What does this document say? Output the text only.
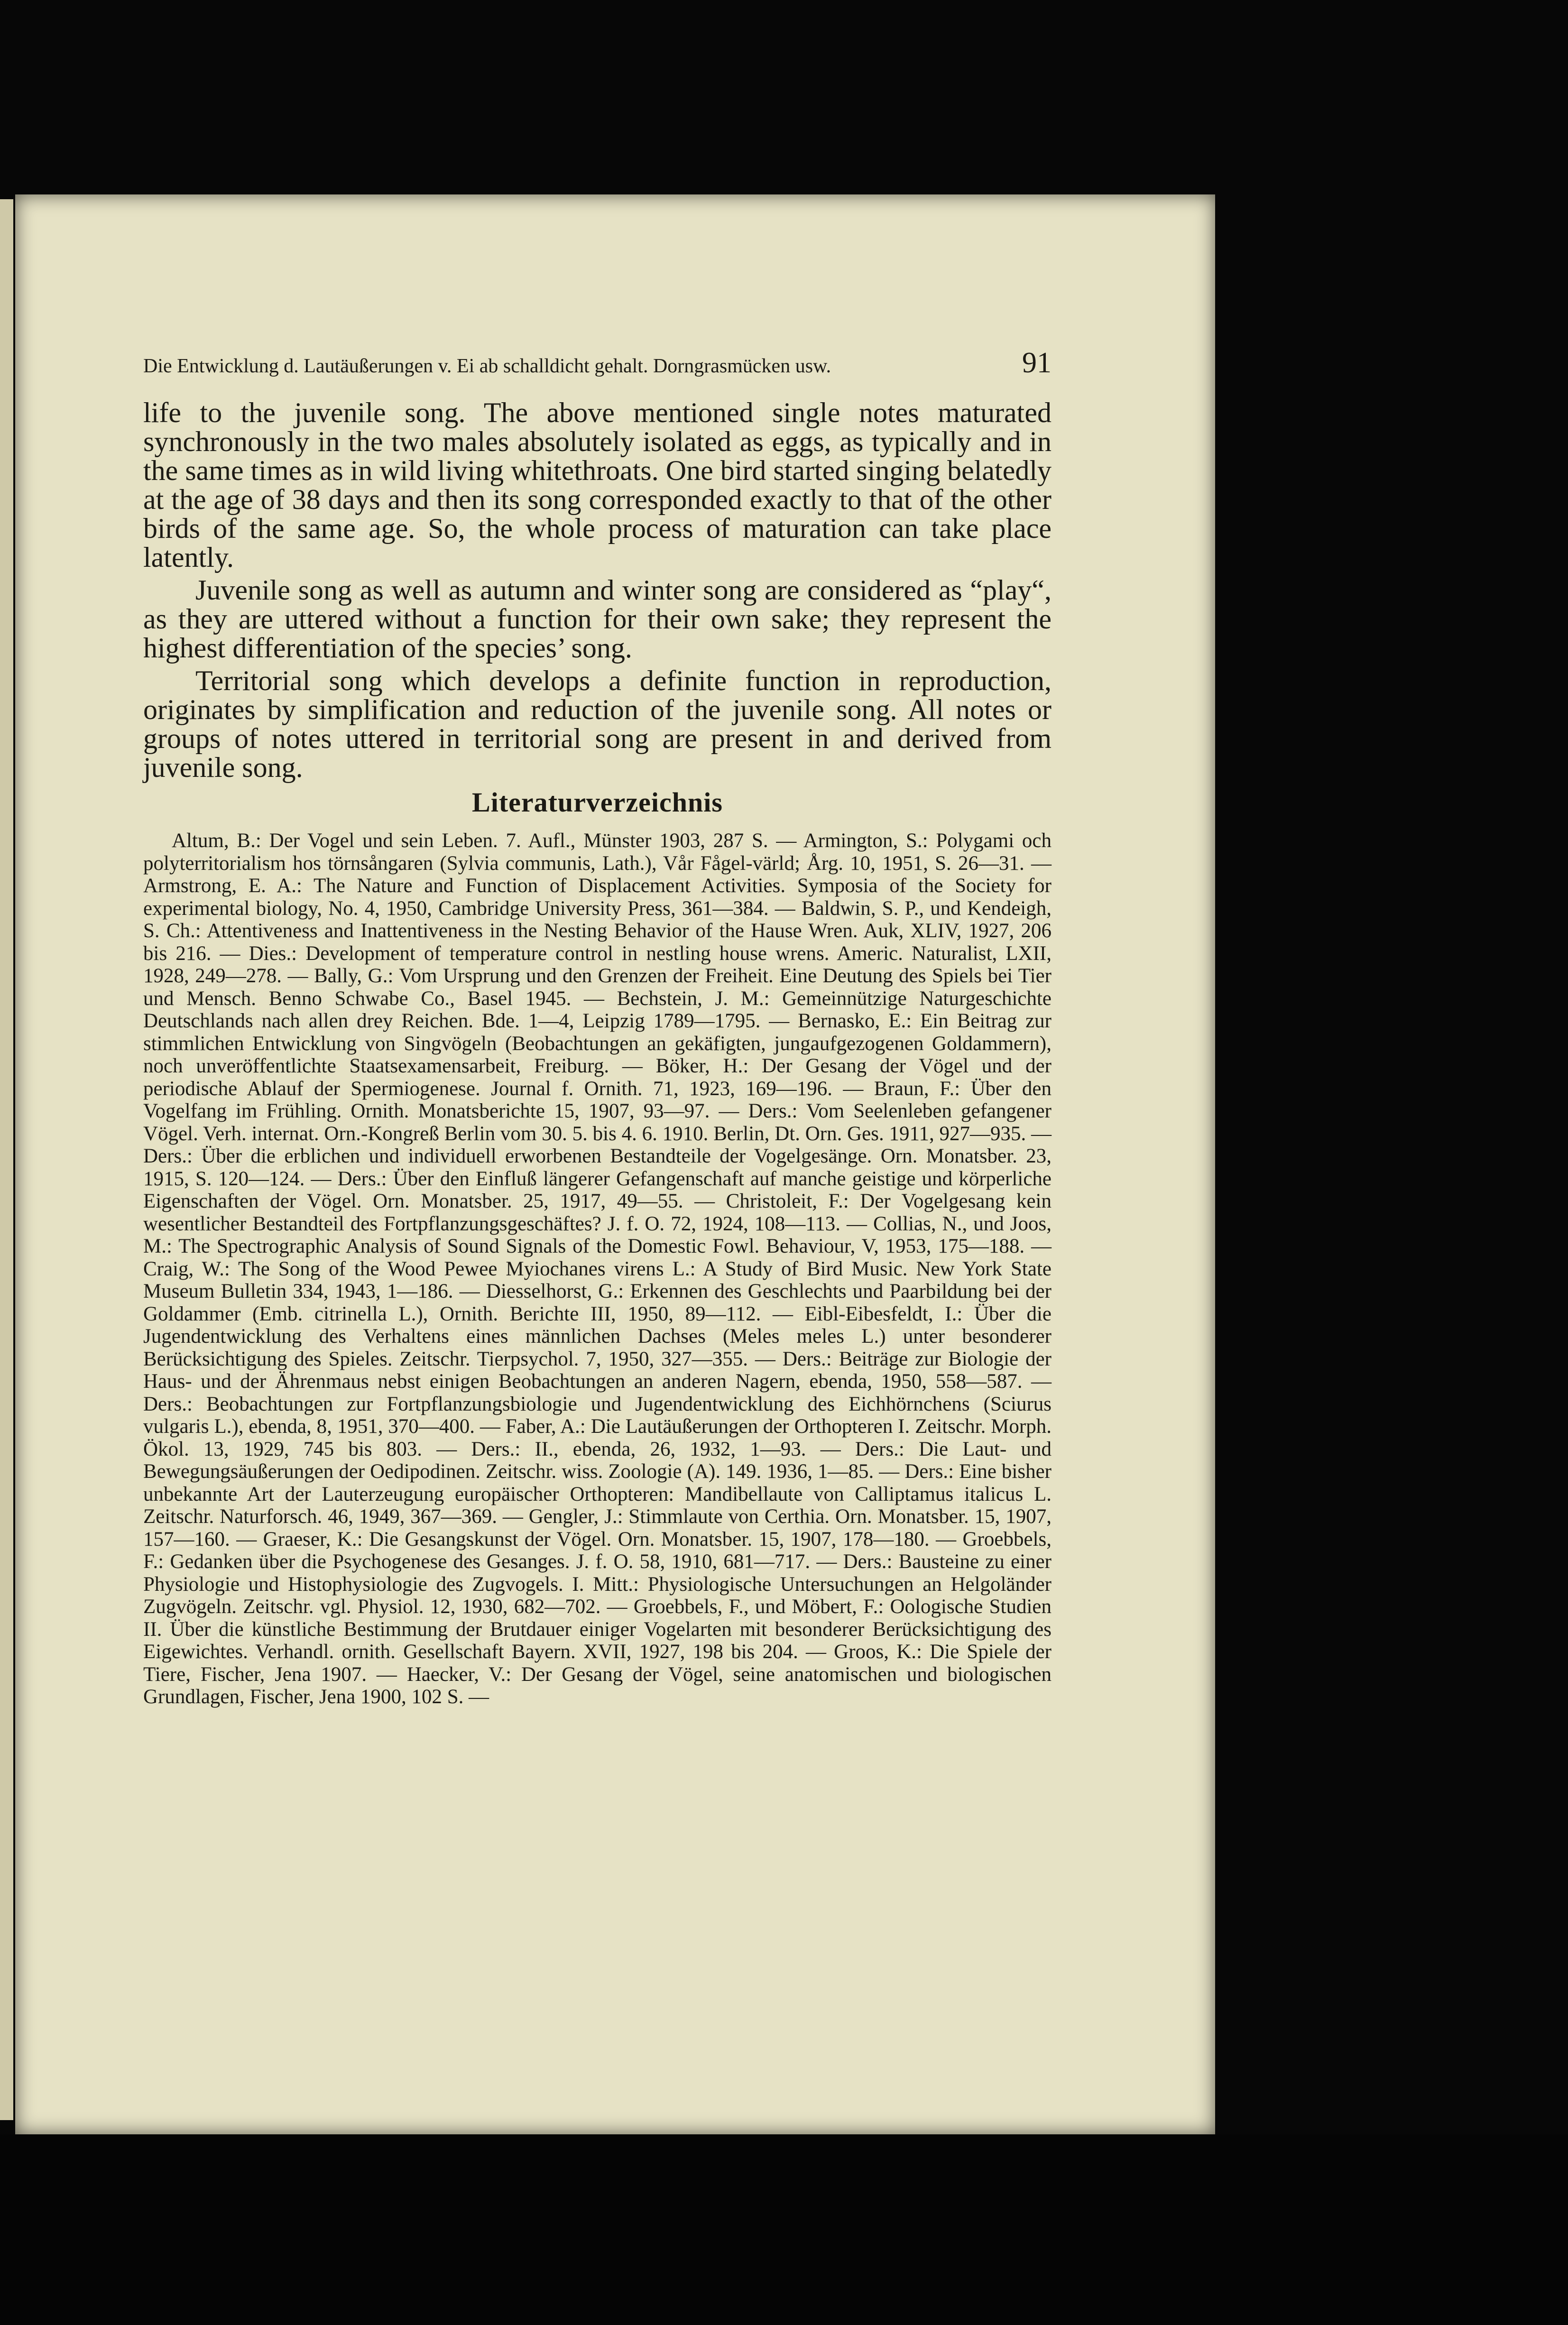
Die Entwicklung d. Lautäußerungen v. Ei ab schalldicht gehalt. Dorngrasmücken usw.	91

life to the juvenile song. The above mentioned single notes maturated synchronously in the two males absolutely isolated as eggs, as typically and in the same times as in wild living whitethroats. One bird started singing belatedly at the age of 38 days and then its song corresponded exactly to that of the other birds of the same age. So, the whole process of maturation can take place latently.

Juvenile song as well as autumn and winter song are considered as “play“, as they are uttered without a function for their own sake; they represent the highest differentiation of the species’ song.

Territorial song which develops a definite function in reproduction, originates by simplification and reduction of the juvenile song. All notes or groups of notes uttered in territorial song are present in and derived from juvenile song.

Literaturverzeichnis

Altum, B.: Der Vogel und sein Leben. 7. Aufl., Münster 1903, 287 S. — Armington, S.: Polygami och polyterritorialism hos törnsångaren (Sylvia communis, Lath.), Vår Fågel-värld; Årg. 10, 1951, S. 26—31. — Armstrong, E. A.: The Nature and Function of Displacement Activities. Symposia of the Society for experimental biology, No. 4, 1950, Cambridge University Press, 361—384. — Baldwin, S. P., und Kendeigh, S. Ch.: Attentiveness and Inattentiveness in the Nesting Behavior of the Hause Wren. Auk, XLIV, 1927, 206 bis 216. — Dies.: Development of temperature control in nestling house wrens. Americ. Naturalist, LXII, 1928, 249—278. — Bally, G.: Vom Ursprung und den Grenzen der Freiheit. Eine Deutung des Spiels bei Tier und Mensch. Benno Schwabe Co., Basel 1945. — Bechstein, J. M.: Gemeinnützige Naturgeschichte Deutschlands nach allen drey Reichen. Bde. 1—4, Leipzig 1789—1795. — Bernasko, E.: Ein Beitrag zur stimmlichen Entwicklung von Singvögeln (Beobachtungen an gekäfigten, jungaufgezogenen Goldammern), noch unveröffentlichte Staatsexamensarbeit, Freiburg. — Böker, H.: Der Gesang der Vögel und der periodische Ablauf der Spermiogenese. Journal f. Ornith. 71, 1923, 169—196. — Braun, F.: Über den Vogelfang im Frühling. Ornith. Monatsberichte 15, 1907, 93—97. — Ders.: Vom Seelenleben gefangener Vögel. Verh. internat. Orn.-Kongreß Berlin vom 30. 5. bis 4. 6. 1910. Berlin, Dt. Orn. Ges. 1911, 927—935. — Ders.: Über die erblichen und individuell erworbenen Bestandteile der Vogelgesänge. Orn. Monatsber. 23, 1915, S. 120—124. — Ders.: Über den Einfluß längerer Gefangenschaft auf manche geistige und körperliche Eigenschaften der Vögel. Orn. Monatsber. 25, 1917, 49—55. — Christoleit, F.: Der Vogelgesang kein wesentlicher Bestandteil des Fortpflanzungsgeschäftes? J. f. O. 72, 1924, 108—113. — Collias, N., und Joos, M.: The Spectrographic Analysis of Sound Signals of the Domestic Fowl. Behaviour, V, 1953, 175—188. — Craig, W.: The Song of the Wood Pewee Myiochanes virens L.: A Study of Bird Music. New York State Museum Bulletin 334, 1943, 1—186. — Diesselhorst, G.: Erkennen des Geschlechts und Paarbildung bei der Goldammer (Emb. citrinella L.), Ornith. Berichte III, 1950, 89—112. — Eibl-Eibesfeldt, I.: Über die Jugendentwicklung des Verhaltens eines männlichen Dachses (Meles meles L.) unter besonderer Berücksichtigung des Spieles. Zeitschr. Tierpsychol. 7, 1950, 327—355. — Ders.: Beiträge zur Biologie der Haus- und der Ährenmaus nebst einigen Beobachtungen an anderen Nagern, ebenda, 1950, 558—587. — Ders.: Beobachtungen zur Fortpflanzungsbiologie und Jugendentwicklung des Eichhörnchens (Sciurus vulgaris L.), ebenda, 8, 1951, 370—400. — Faber, A.: Die Lautäußerungen der Orthopteren I. Zeitschr. Morph. Ökol. 13, 1929, 745 bis 803. — Ders.: II., ebenda, 26, 1932, 1—93. — Ders.: Die Laut- und Bewegungsäußerungen der Oedipodinen. Zeitschr. wiss. Zoologie (A). 149. 1936, 1—85. — Ders.: Eine bisher unbekannte Art der Lauterzeugung europäischer Orthopteren: Mandibellaute von Calliptamus italicus L. Zeitschr. Naturforsch. 46, 1949, 367—369. — Gengler, J.: Stimmlaute von Certhia. Orn. Monatsber. 15, 1907, 157—160. — Graeser, K.: Die Gesangskunst der Vögel. Orn. Monatsber. 15, 1907, 178—180. — Groebbels, F.: Gedanken über die Psychogenese des Gesanges. J. f. O. 58, 1910, 681—717. — Ders.: Bausteine zu einer Physiologie und Histophysiologie des Zugvogels. I. Mitt.: Physiologische Untersuchungen an Helgoländer Zugvögeln. Zeitschr. vgl. Physiol. 12, 1930, 682—702. — Groebbels, F., und Möbert, F.: Oologische Studien II. Über die künstliche Bestimmung der Brutdauer einiger Vogelarten mit besonderer Berücksichtigung des Eigewichtes. Verhandl. ornith. Gesellschaft Bayern. XVII, 1927, 198 bis 204. — Groos, K.: Die Spiele der Tiere, Fischer, Jena 1907. — Haecker, V.: Der Gesang der Vögel, seine anatomischen und biologischen Grundlagen, Fischer, Jena 1900, 102 S. —
